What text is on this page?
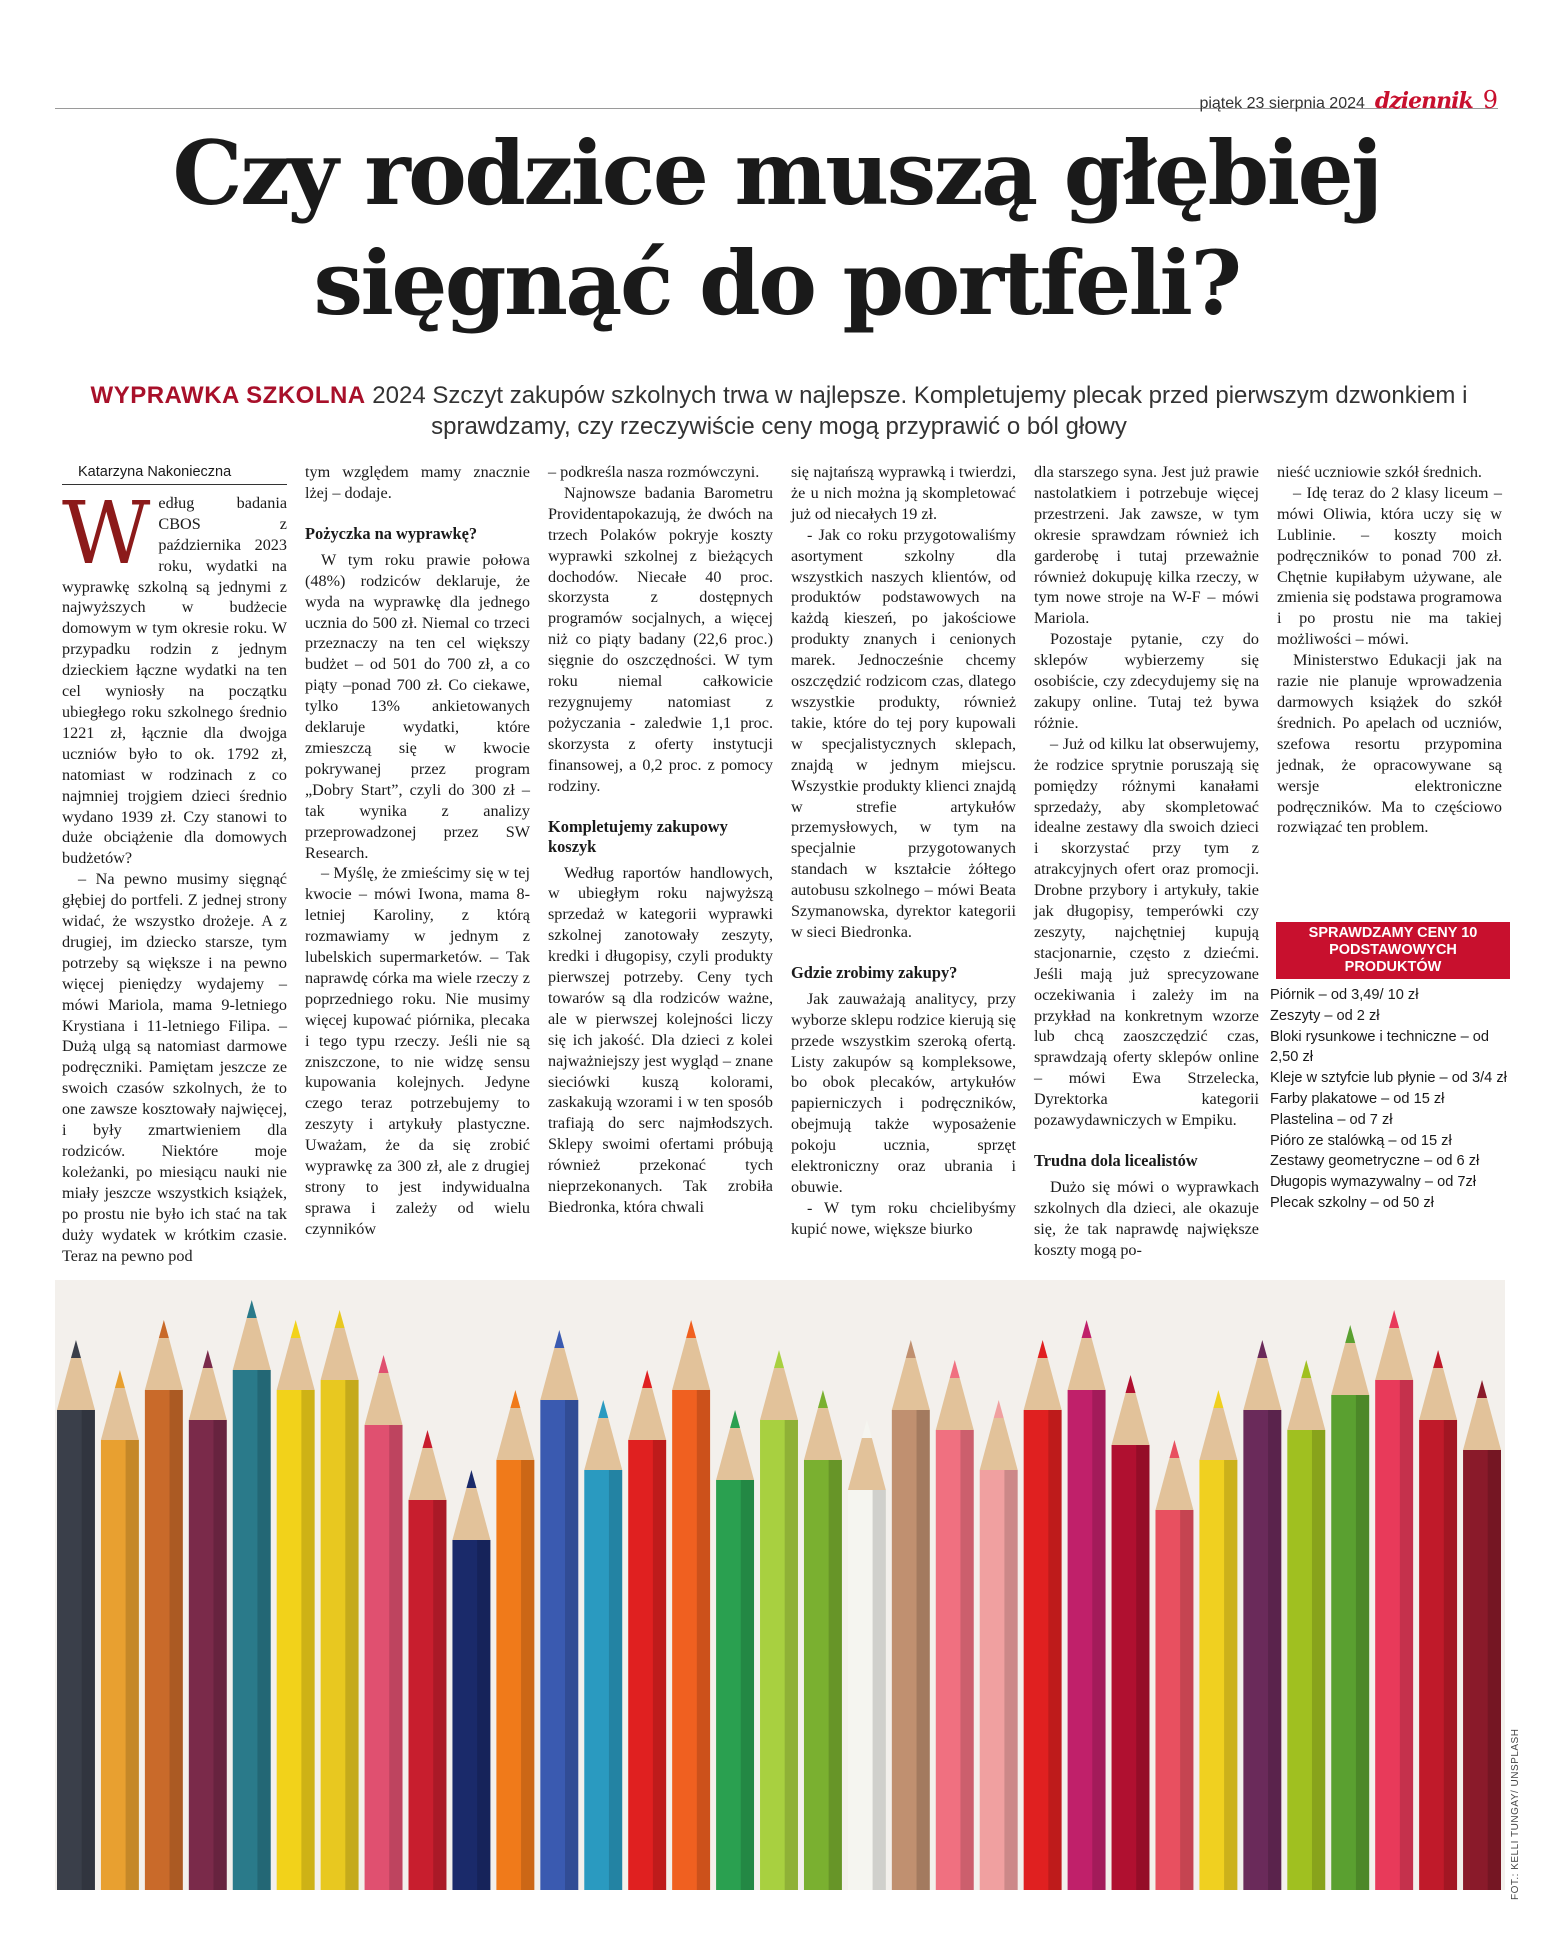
piątek 23 sierpnia 2024 dziennik 9
Czy rodzice muszą głębiej
sięgnąć do portfeli?
WYPRAWKA SZKOLNA 2024 Szczyt zakupów szkolnych trwa w najlepsze. Kompletujemy plecak przed pierwszym dzwonkiem i sprawdzamy, czy rzeczywiście ceny mogą przyprawić o ból głowy
Katarzyna Nakonieczna
W edług badania CBOS z października 2023 roku, wydatki na wyprawkę szkolną są jednymi z najwyższych w budżecie domowym w tym okresie roku. W przypadku rodzin z jednym dzieckiem łączne wydatki na ten cel wyniosły na początku ubiegłego roku szkolnego średnio 1221 zł, łącznie dla dwojga uczniów było to ok. 1792 zł, natomiast w rodzinach z co najmniej trojgiem dzieci średnio wydano 1939 zł. Czy stanowi to duże obciążenie dla domowych budżetów?

– Na pewno musimy sięgnąć głębiej do portfeli. Z jednej strony widać, że wszystko drożeje. A z drugiej, im dziecko starsze, tym potrzeby są większe i na pewno więcej pieniędzy wydajemy – mówi Mariola, mama 9-letniego Krystiana i 11-letniego Filipa. – Dużą ulgą są natomiast darmowe podręczniki. Pamiętam jeszcze ze swoich czasów szkolnych, że to one zawsze kosztowały najwięcej, i były zmartwieniem dla rodziców. Niektóre moje koleżanki, po miesiącu nauki nie miały jeszcze wszystkich książek, po prostu nie było ich stać na tak duży wydatek w krótkim czasie. Teraz na pewno pod

tym względem mamy znacznie lżej – dodaje.

Pożyczka na wyprawkę?

W tym roku prawie połowa (48%) rodziców deklaruje, że wyda na wyprawkę dla jednego ucznia do 500 zł. Niemal co trzeci przeznaczy na ten cel większy budżet – od 501 do 700 zł, a co piąty –ponad 700 zł. Co ciekawe, tylko 13% ankietowanych deklaruje wydatki, które zmieszczą się w kwocie pokrywanej przez program „Dobry Start”, czyli do 300 zł – tak wynika z analizy przeprowadzonej przez SW Research.

– Myślę, że zmieścimy się w tej kwocie – mówi Iwona, mama 8-letniej Karoliny, z którą rozmawiamy w jednym z lubelskich supermarketów. – Tak naprawdę córka ma wiele rzeczy z poprzedniego roku. Nie musimy więcej kupować piórnika, plecaka i tego typu rzeczy. Jeśli nie są zniszczone, to nie widzę sensu kupowania kolejnych. Jedyne czego teraz potrzebujemy to zeszyty i artykuły plastyczne. Uważam, że da się zrobić wyprawkę za 300 zł, ale z drugiej strony to jest indywidualna sprawa i zależy od wielu czynników

– podkreśla nasza rozmówczyni.

Najnowsze badania Barometru Providentapokazują, że dwóch na trzech Polaków pokryje koszty wyprawki szkolnej z bieżących dochodów. Niecałe 40 proc. skorzysta z dostępnych programów socjalnych, a więcej niż co piąty badany (22,6 proc.) sięgnie do oszczędności. W tym roku niemal całkowicie rezygnujemy natomiast z pożyczania - zaledwie 1,1 proc. skorzysta z oferty instytucji finansowej, a 0,2 proc. z pomocy rodziny.

Kompletujemy zakupowy koszyk

Według raportów handlowych, w ubiegłym roku najwyższą sprzedaż w kategorii wyprawki szkolnej zanotowały zeszyty, kredki i długopisy, czyli produkty pierwszej potrzeby. Ceny tych towarów są dla rodziców ważne, ale w pierwszej kolejności liczy się ich jakość. Dla dzieci z kolei najważniejszy jest wygląd – znane sieciówki kuszą kolorami, zaskakują wzorami i w ten sposób trafiają do serc najmłodszych. Sklepy swoimi ofertami próbują również przekonać tych nieprzekonanych. Tak zrobiła Biedronka, która chwali

się najtańszą wyprawką i twierdzi, że u nich można ją skompletować już od niecałych 19 zł.

- Jak co roku przygotowaliśmy asortyment szkolny dla wszystkich naszych klientów, od produktów podstawowych na każdą kieszeń, po jakościowe produkty znanych i cenionych marek. Jednocześnie chcemy oszczędzić rodzicom czas, dlatego wszystkie produkty, również takie, które do tej pory kupowali w specjalistycznych sklepach, znajdą w jednym miejscu. Wszystkie produkty klienci znajdą w strefie artykułów przemysłowych, w tym na specjalnie przygotowanych standach w kształcie żółtego autobusu szkolnego – mówi Beata Szymanowska, dyrektor kategorii w sieci Biedronka.

Gdzie zrobimy zakupy?

Jak zauważają analitycy, przy wyborze sklepu rodzice kierują się przede wszystkim szeroką ofertą. Listy zakupów są kompleksowe, bo obok plecaków, artykułów papierniczych i podręczników, obejmują także wyposażenie pokoju ucznia, sprzęt elektroniczny oraz ubrania i obuwie.

- W tym roku chcielibyśmy kupić nowe, większe biurko

dla starszego syna. Jest już prawie nastolatkiem i potrzebuje więcej przestrzeni. Jak zawsze, w tym okresie sprawdzam również ich garderobę i tutaj przeważnie również dokupuję kilka rzeczy, w tym nowe stroje na W-F – mówi Mariola.

Pozostaje pytanie, czy do sklepów wybierzemy się osobiście, czy zdecydujemy się na zakupy online. Tutaj też bywa różnie.

– Już od kilku lat obserwujemy, że rodzice sprytnie poruszają się pomiędzy różnymi kanałami sprzedaży, aby skompletować idealne zestawy dla swoich dzieci i skorzystać przy tym z atrakcyjnych ofert oraz promocji. Drobne przybory i artykuły, takie jak długopisy, temperówki czy zeszyty, najchętniej kupują stacjonarnie, często z dziećmi. Jeśli mają już sprecyzowane oczekiwania i zależy im na przykład na konkretnym wzorze lub chcą zaoszczędzić czas, sprawdzają oferty sklepów online – mówi Ewa Strzelecka, Dyrektorka kategorii pozawydawniczych w Empiku.

Trudna dola licealistów

Dużo się mówi o wyprawkach szkolnych dla dzieci, ale okazuje się, że tak naprawdę największe koszty mogą po-

nieść uczniowie szkół średnich.

– Idę teraz do 2 klasy liceum – mówi Oliwia, która uczy się w Lublinie. – koszty moich podręczników to ponad 700 zł. Chętnie kupiłabym używane, ale zmienia się podstawa programowa i po prostu nie ma takiej możliwości – mówi.

Ministerstwo Edukacji jak na razie nie planuje wprowadzenia darmowych książek do szkół średnich. Po apelach od uczniów, szefowa resortu przypomina jednak, że opracowywane są wersje elektroniczne podręczników. Ma to częściowo rozwiązać ten problem.

SPRAWDZAMY CENY 10 PODSTAWOWYCH PRODUKTÓW
Piórnik – od 3,49/ 10 zł
Zeszyty – od 2 zł
Bloki rysunkowe i techniczne – od 2,50 zł
Kleje w sztyfcie lub płynie – od 3/4 zł
Farby plakatowe – od 15 zł
Plastelina – od 7 zł
Pióro ze stalówką – od 15 zł
Zestawy geometryczne – od 6 zł
Długopis wymazywalny – od 7zł
Plecak szkolny – od 50 zł
FOT.: KELLI TUNGAY/ UNSPLASH
